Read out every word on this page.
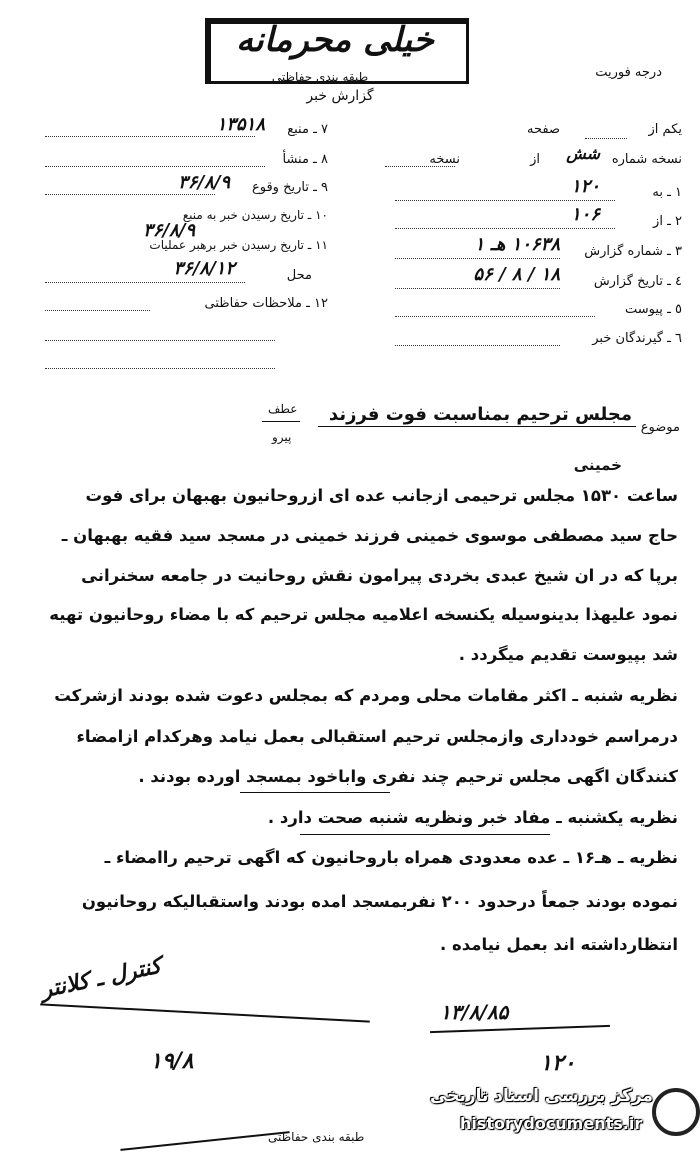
خیلی محرمانه
طبقه بندی حفاظتی
گزارش خبر
درجه فوریت
یکم از
صفحه
نسخه شماره
شش
از
نسخه
۱ ـ به
۱۲۰
۲ ـ از
۱۰۶
۳ ـ شماره گزارش
۱۰۶۳۸ هـ ۱
٤ ـ تاریخ گزارش
۱۸ / ۸ / ۵۶
٥ ـ پیوست
٦ ـ گیرندگان خبر
۷ ـ منبع
۱۳۵۱۸
۸ ـ منشأ
۹ ـ تاریخ وقوع
۳۶/۸/۹
۱۰ ـ تاریخ رسیدن خبر به منبع
۳۶/۸/۹
۱۱ ـ تاریخ رسیدن خبر برهبر عملیات
محل
۳۶/۸/۱۲
۱۲ ـ ملاحظات حفاظتی
موضوع
مجلس ترحیم بمناسبت فوت فرزند
عطف
پیرو
خمینی
ساعت ۱۵۳۰ مجلس ترحیمی ازجانب عده ای ازروحانیون بهبهان برای فوت
حاج سید مصطفی موسوی خمینی فرزند خمینی در مسجد سید فقیه بهبهان ـ
برپا که در ان شیخ عبدی بخردی پیرامون نقش روحانیت در جامعه سخنرانی
نمود علیهذا بدینوسیله یکنسخه اعلامیه مجلس ترحیم که با مضاء روحانیون تهیه
شد بپیوست تقدیم میگردد .
نظریه شنبه ـ اکثر مقامات محلی ومردم که بمجلس دعوت شده بودند ازشرکت
درمراسم خودداری وازمجلس ترحیم استقبالی بعمل نیامد وهرکدام ازامضاء
کنندگان اگهی مجلس ترحیم چند نفری واباخود بمسجد اورده بودند .
نظریه یکشنبه ـ مفاد خبر ونظریه شنبه صحت دارد .
نظریه ـ هـ۱۶ ـ عده معدودی همراه باروحانیون که اگهی ترحیم راامضاء ـ
نموده بودند جمعاً درحدود ۲۰۰ نفربمسجد امده بودند واستقبالیکه روحانیون
انتظارداشته اند بعمل نیامده .
کنترل ـ کلانتر
۱۹/۸
۱۳/۸/۸۵
۱۲۰
طبقه بندی حفاظتی
مرکز بررسی اسناد تاریخی
historydocuments.ir
